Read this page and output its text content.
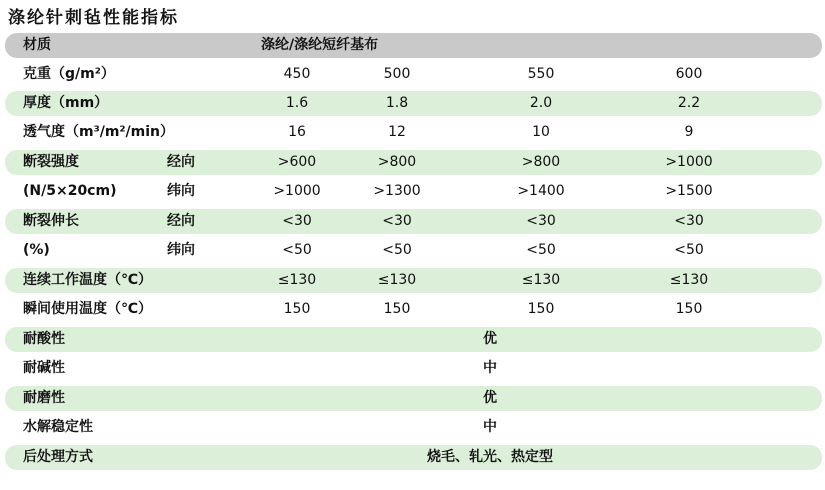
涤纶针刺毡性能指标
材质	涤纶/涤纶短纤基布
克重（g/m²）	450	500	550	600
厚度（mm）	1.6	1.8	2.0	2.2
透气度（m³/m²/min）	16	12	10	9
断裂强度	经向	>600	>800	>800	>1000
(N/5×20cm)	纬向	>1000	>1300	>1400	>1500
断裂伸长	经向	<30	<30	<30	<30
(%)	纬向	<50	<50	<50	<50
连续工作温度（℃）	≤130	≤130	≤130	≤130
瞬间使用温度（℃）	150	150	150	150
耐酸性	优
耐碱性	中
耐磨性	优
水解稳定性	中
后处理方式	烧毛、轧光、热定型
